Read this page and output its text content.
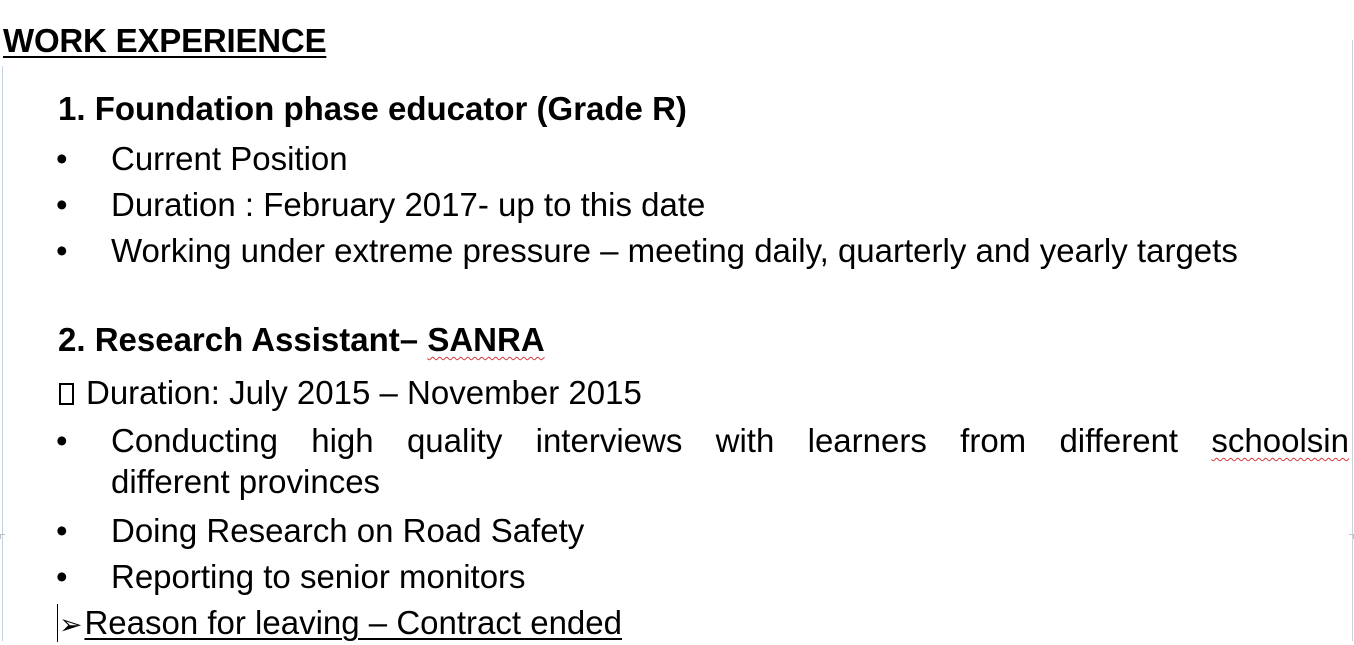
WORK EXPERIENCE
1. Foundation phase educator (Grade R)
• Current Position
• Duration : February 2017- up to this date
• Working under extreme pressure – meeting daily, quarterly and yearly targets
2. Research Assistant– SANRA
Duration: July 2015 – November 2015
• Conducting high quality interviews with learners from different schoolsin
different provinces
• Doing Research on Road Safety
• Reporting to senior monitors
➢Reason for leaving – Contract ended
